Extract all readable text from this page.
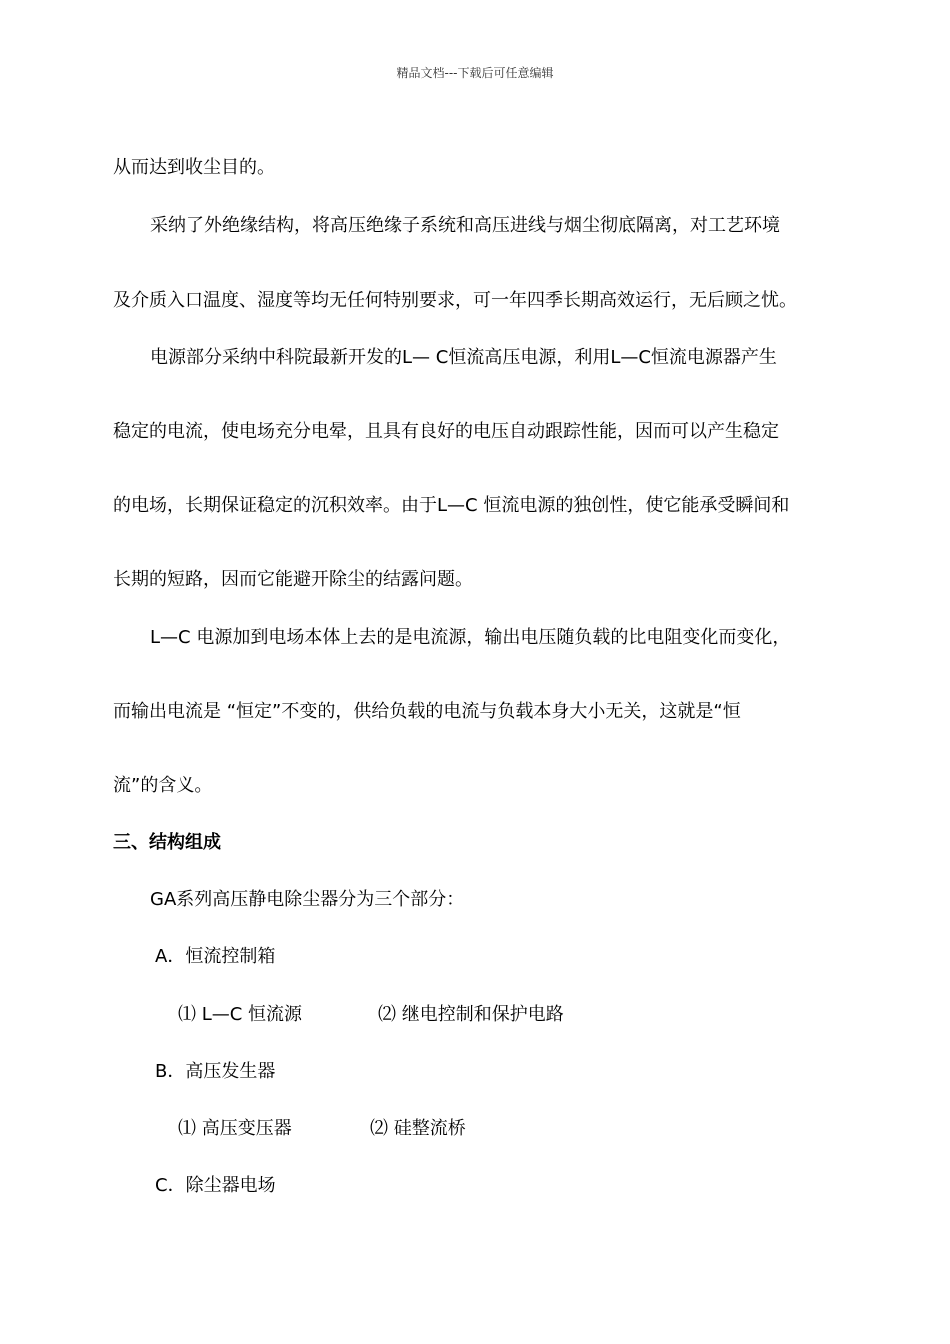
精品文档---下载后可任意编辑
从而达到收尘目的。
采纳了外绝缘结构，将高压绝缘子系统和高压进线与烟尘彻底隔离，对工艺环境
及介质入口温度、湿度等均无任何特别要求，可一年四季长期高效运行，无后顾之忧。
电源部分采纳中科院最新开发的L— C恒流高压电源，利用L—C恒流电源器产生
稳定的电流，使电场充分电晕，且具有良好的电压自动跟踪性能，因而可以产生稳定
的电场，长期保证稳定的沉积效率。由于L—C 恒流电源的独创性，使它能承受瞬间和
长期的短路，因而它能避开除尘的结露问题。
L—C 电源加到电场本体上去的是电流源，输出电压随负载的比电阻变化而变化，
而输出电流是 “恒定”不变的，供给负载的电流与负载本身大小无关，这就是“恒
流”的含义。
三、结构组成
GA系列高压静电除尘器分为三个部分：
A．恒流控制箱
⑴ L—C 恒流源	⑵ 继电控制和保护电路
B．高压发生器
⑴ 高压变压器	⑵ 硅整流桥
C．除尘器电场
